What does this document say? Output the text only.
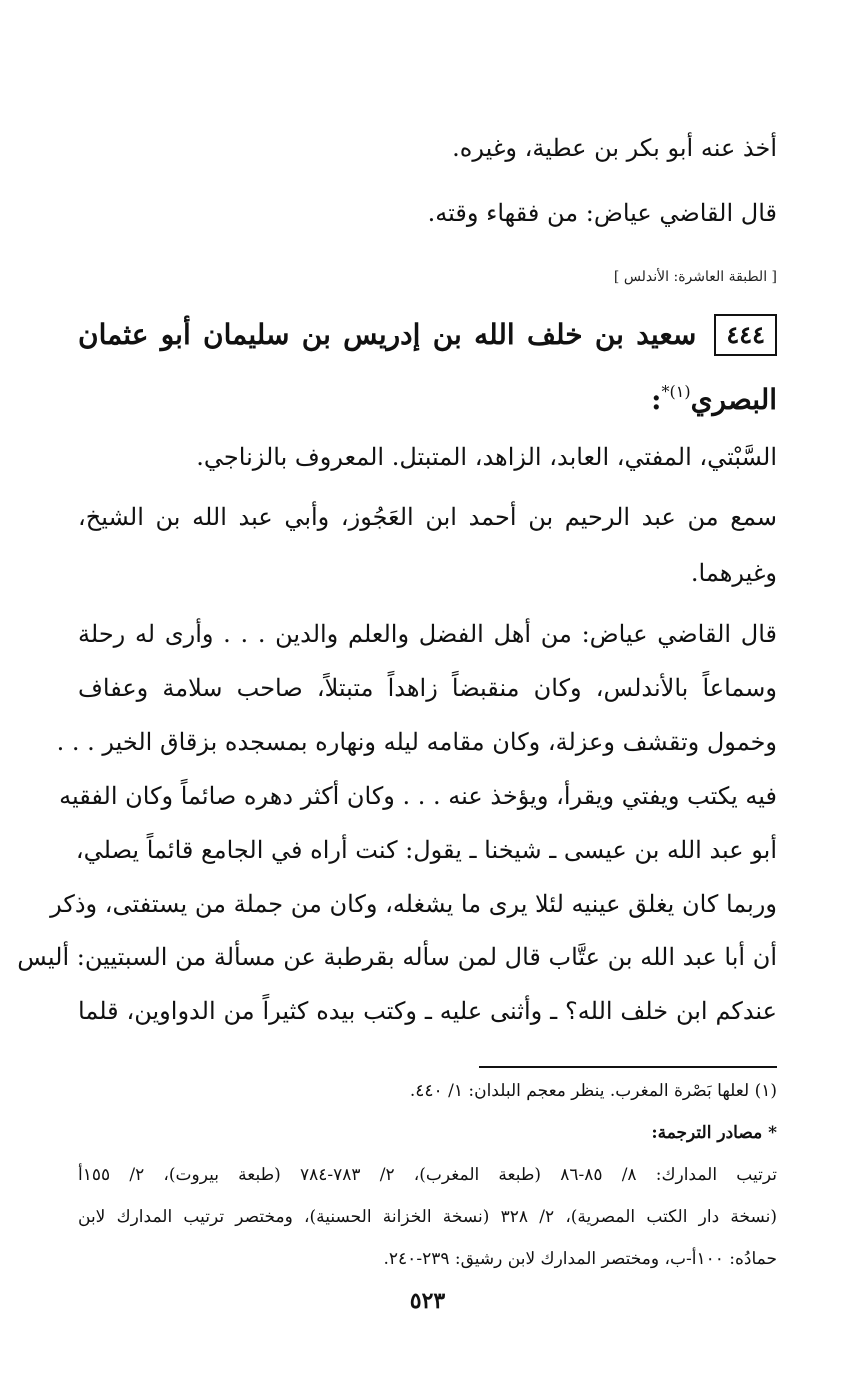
أخذ عنه أبو بكر بن عطية، وغيره.
قال القاضي عياض: من فقهاء وقته.
[ الطبقة العاشرة: الأندلس ]
٤٤٤
سعيد بن خلف الله بن إدريس بن سليمان أبو عثمان
البصري$^{(١)*}$:
السَّبْتي، المفتي، العابد، الزاهد، المتبتل. المعروف بالزناجي.
سمع من عبد الرحيم بن أحمد ابن العَجُوز، وأبي عبد الله بن الشيخ،
وغيرهما.
قال القاضي عياض: من أهل الفضل والعلم والدين . . . وأرى له رحلة
وسماعاً بالأندلس، وكان منقبضاً زاهداً متبتلاً، صاحب سلامة وعفاف
وخمول وتقشف وعزلة، وكان مقامه ليله ونهاره بمسجده بزقاق الخير . . .
فيه يكتب ويفتي ويقرأ، ويؤخذ عنه . . . وكان أكثر دهره صائماً وكان الفقيه
أبو عبد الله بن عيسى ـ شيخنا ـ يقول: كنت أراه في الجامع قائماً يصلي،
وربما كان يغلق عينيه لئلا يرى ما يشغله، وكان من جملة من يستفتى، وذكر
أن أبا عبد الله بن عتَّاب قال لمن سأله بقرطبة عن مسألة من السبتيين: أليس
عندكم ابن خلف الله؟ ـ وأثنى عليه ـ وكتب بيده كثيراً من الدواوين، قلما
(١) لعلها بَصْرة المغرب. ينظر معجم البلدان: ١/ ٤٤٠.
* مصادر الترجمة:
ترتيب المدارك: ٨/ ٨٥-٨٦ (طبعة المغرب)، ٢/ ٧٨٣-٧٨٤ (طبعة بيروت)، ٢/ ١٥٥أ
(نسخة دار الكتب المصرية)، ٢/ ٣٢٨ (نسخة الخزانة الحسنية)، ومختصر ترتيب المدارك لابن
حمادُه: ١٠٠أ-ب، ومختصر المدارك لابن رشيق: ٢٣٩-٢٤٠.
٥٢٣
